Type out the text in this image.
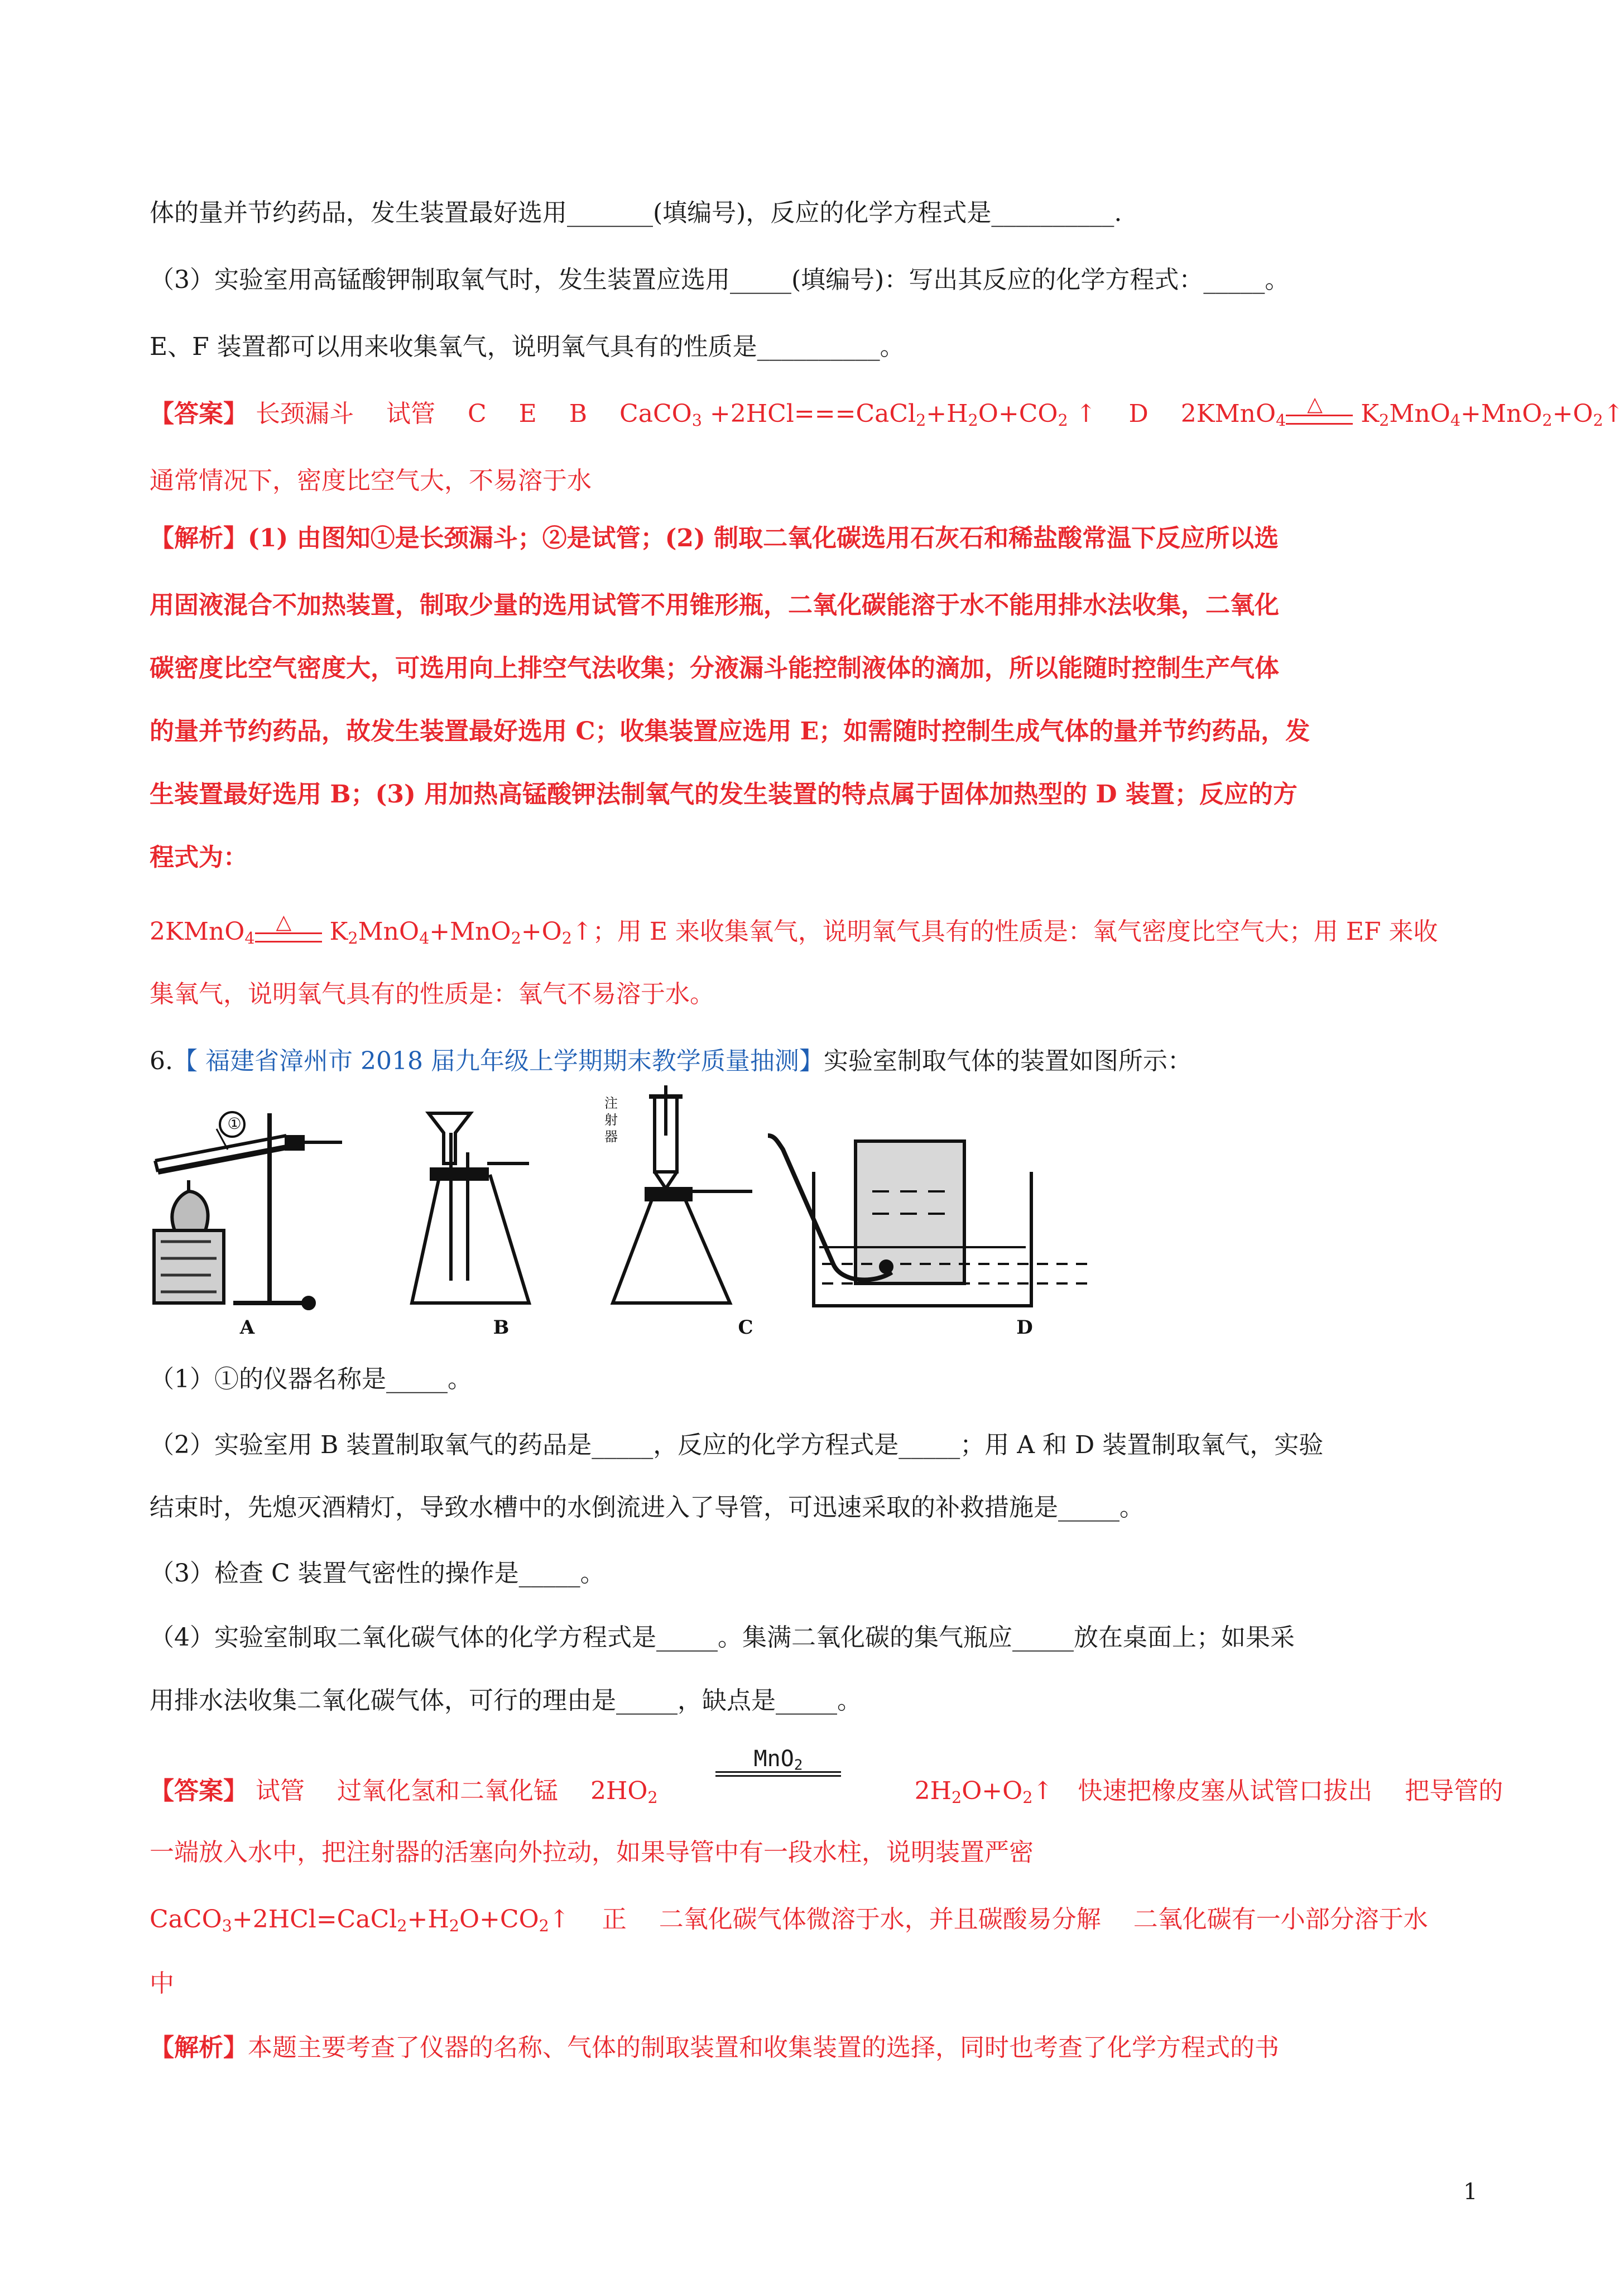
体的量并节约药品，发生装置最好选用_______(填编号)，反应的化学方程式是__________.
（3）实验室用高锰酸钾制取氧气时，发生装置应选用_____(填编号)：写出其反应的化学方程式：_____。
E、F 装置都可以用来收集氧气，说明氧气具有的性质是__________。
【答案】 长颈漏斗　 试管　 C　 E　 B　 CaCO$_3$ $+2HCl===CaCl_2+H_2O+CO_2$ ↑　 D　 2KMnO$_4$
△ $K_2MnO_4+MnO_2+O_2↑$
通常情况下，密度比空气大，不易溶于水
【解析】(1) 由图知①是长颈漏斗；②是试管；(2) 制取二氧化碳选用石灰石和稀盐酸常温下反应所以选
用固液混合不加热装置，制取少量的选用试管不用锥形瓶，二氧化碳能溶于水不能用排水法收集，二氧化
碳密度比空气密度大，可选用向上排空气法收集；分液漏斗能控制液体的滴加，所以能随时控制生产气体
的量并节约药品，故发生装置最好选用 C；收集装置应选用 E；如需随时控制生成气体的量并节约药品，发
生装置最好选用 B；(3) 用加热高锰酸钾法制氧气的发生装置的特点属于固体加热型的 D 装置；反应的方
程式为：
2KMnO$_4$
△ $K_2MnO_4+MnO_2+O_2↑$；用 E 来收集氧气，说明氧气具有的性质是：氧气密度比空气大；用 EF 来收
集氧气，说明氧气具有的性质是：氧气不易溶于水。
6.【 福建省漳州市 2018 届九年级上学期期末教学质量抽测】实验室制取气体的装置如图所示：
①
注射器
A	B	C	D
（1）①的仪器名称是_____。
（2）实验室用 B 装置制取氧气的药品是_____，反应的化学方程式是_____；用 A 和 D 装置制取氧气，实验
结束时，先熄灭酒精灯，导致水槽中的水倒流进入了导管，可迅速采取的补救措施是_____。
（3）检查 C 装置气密性的操作是_____。
（4）实验室制取二氧化碳气体的化学方程式是_____。集满二氧化碳的集气瓶应_____放在桌面上；如果采
用排水法收集二氧化碳气体，可行的理由是_____，缺点是_____。
MnO$_2$
【答案】 试管　 过氧化氢和二氧化锰　 $2HO_2$	$2H_2O+O_2↑$　快速把橡皮塞从试管口拔出　 把导管的
一端放入水中，把注射器的活塞向外拉动，如果导管中有一段水柱，说明装置严密
$CaCO_3+2HCl=CaCl_2+H_2O+CO_2↑$　 正　 二氧化碳气体微溶于水，并且碳酸易分解　 二氧化碳有一小部分溶于水
中
【解析】本题主要考查了仪器的名称、气体的制取装置和收集装置的选择，同时也考查了化学方程式的书
1
